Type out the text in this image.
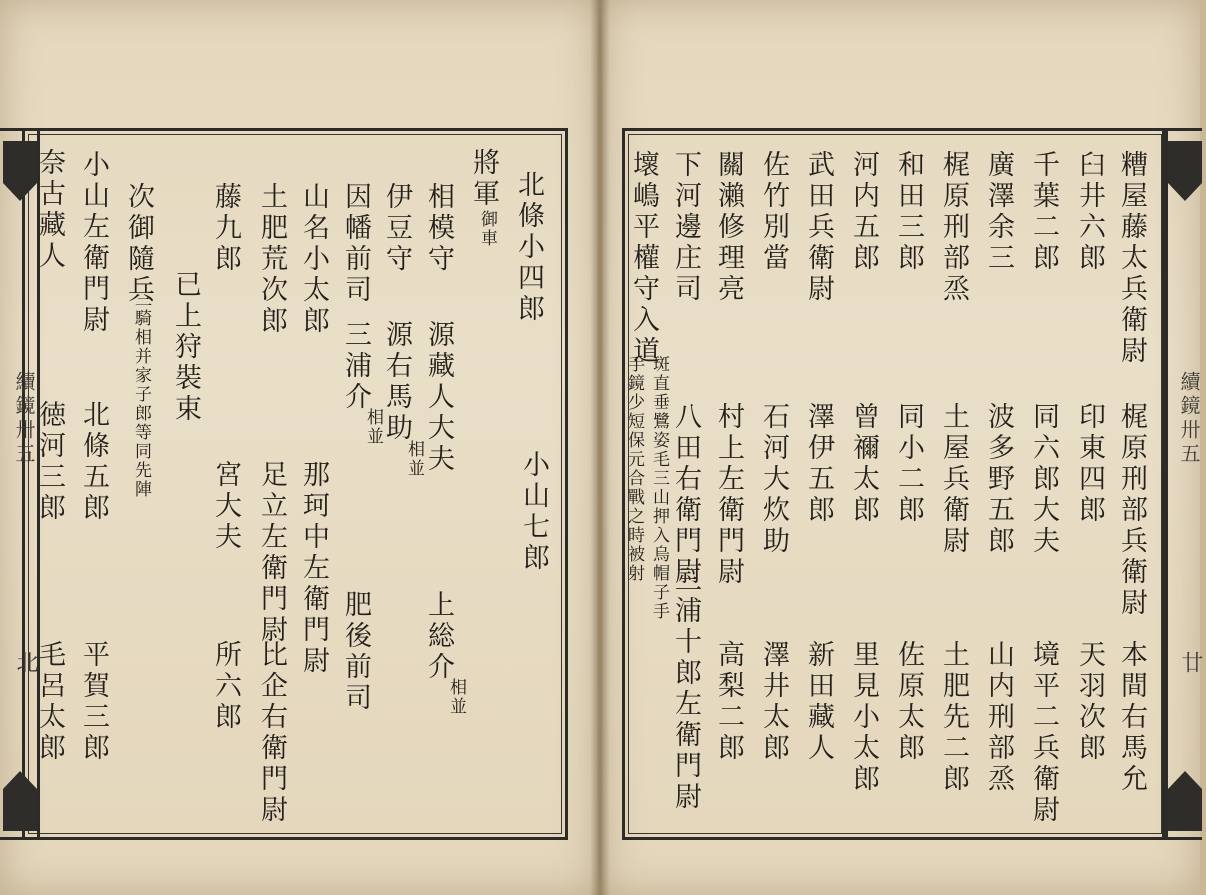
續鏡卅五
北
續鏡卅五
廿
北條小四郎
小山七郎
將軍
御車
相模守
源藏人大夫
上総介
相並
伊豆守
源右馬助
相並
因幡前司
三浦介
相並
肥後前司
山名小太郎
那珂中左衛門尉
土肥荒次郎
足立左衛門尉
比企右衛門尉
藤九郎
宮大夫
所六郎
已上狩裝束
次御隨兵
三騎相并家子郎等同先陣
小山左衛門尉
北條五郎
平賀三郎
奈古藏人
徳河三郎
毛呂太郎
糟屋藤太兵衛尉
梶原刑部兵衛尉
本間右馬允
臼井六郎
印東四郎
天羽次郎
千葉二郎
同六郎大夫
境平二兵衛尉
廣澤余三
波多野五郎
山内刑部烝
梶原刑部烝
土屋兵衛尉
土肥先二郎
和田三郎
同小二郎
佐原太郎
河内五郎
曾禰太郎
里見小太郎
武田兵衛尉
澤伊五郎
新田藏人
佐竹別當
石河大炊助
澤井太郎
關瀨修理亮
村上左衛門尉
高梨二郎
下河邊庄司
八田右衛門尉
三浦十郎左衛門尉
壞嶋平權守入道
手鏡少短保元合戰之時被射 斑直垂鷺姿毛三山押入烏帽子手
